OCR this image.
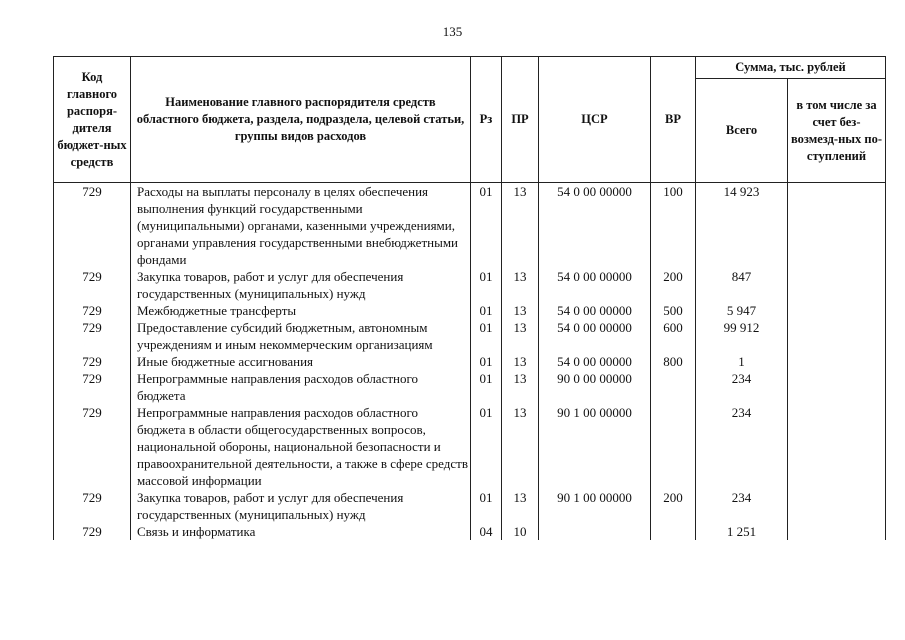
135
Код главного распоря-дителя бюджет-ных средств	Наименование главного распорядителя средств областного бюджета, раздела, подраздела, целевой статьи, группы видов расходов	Рз	ПР	ЦСР	ВР	Сумма, тыс. рублей	
						Всего	в том числе за счет без-возмезд-ных по-ступлений
729	Расходы на выплаты персоналу в целях обеспечения выполнения функций государственными (муниципальными) органами, казенными учреждениями, органами управления государственными внебюджетными фондами	01	13	54 0 00 00000	100	14 923	
729	Закупка товаров, работ и услуг для обеспечения государственных (муниципальных) нужд	01	13	54 0 00 00000	200	847	
729	Межбюджетные трансферты	01	13	54 0 00 00000	500	5 947	
729	Предоставление субсидий бюджетным, автономным учреждениям и иным некоммерческим организациям	01	13	54 0 00 00000	600	99 912	
729	Иные бюджетные ассигнования	01	13	54 0 00 00000	800	1	
729	Непрограммные направления расходов областного бюджета	01	13	90 0 00 00000		234	
729	Непрограммные направления расходов областного бюджета в области общегосударственных вопросов, национальной обороны, национальной безопасности и правоохранительной деятельности, а также в сфере средств массовой информации	01	13	90 1 00 00000		234	
729	Закупка товаров, работ и услуг для обеспечения государственных (муниципальных) нужд	01	13	90 1 00 00000	200	234	
729	Связь и информатика	04	10			1 251	
